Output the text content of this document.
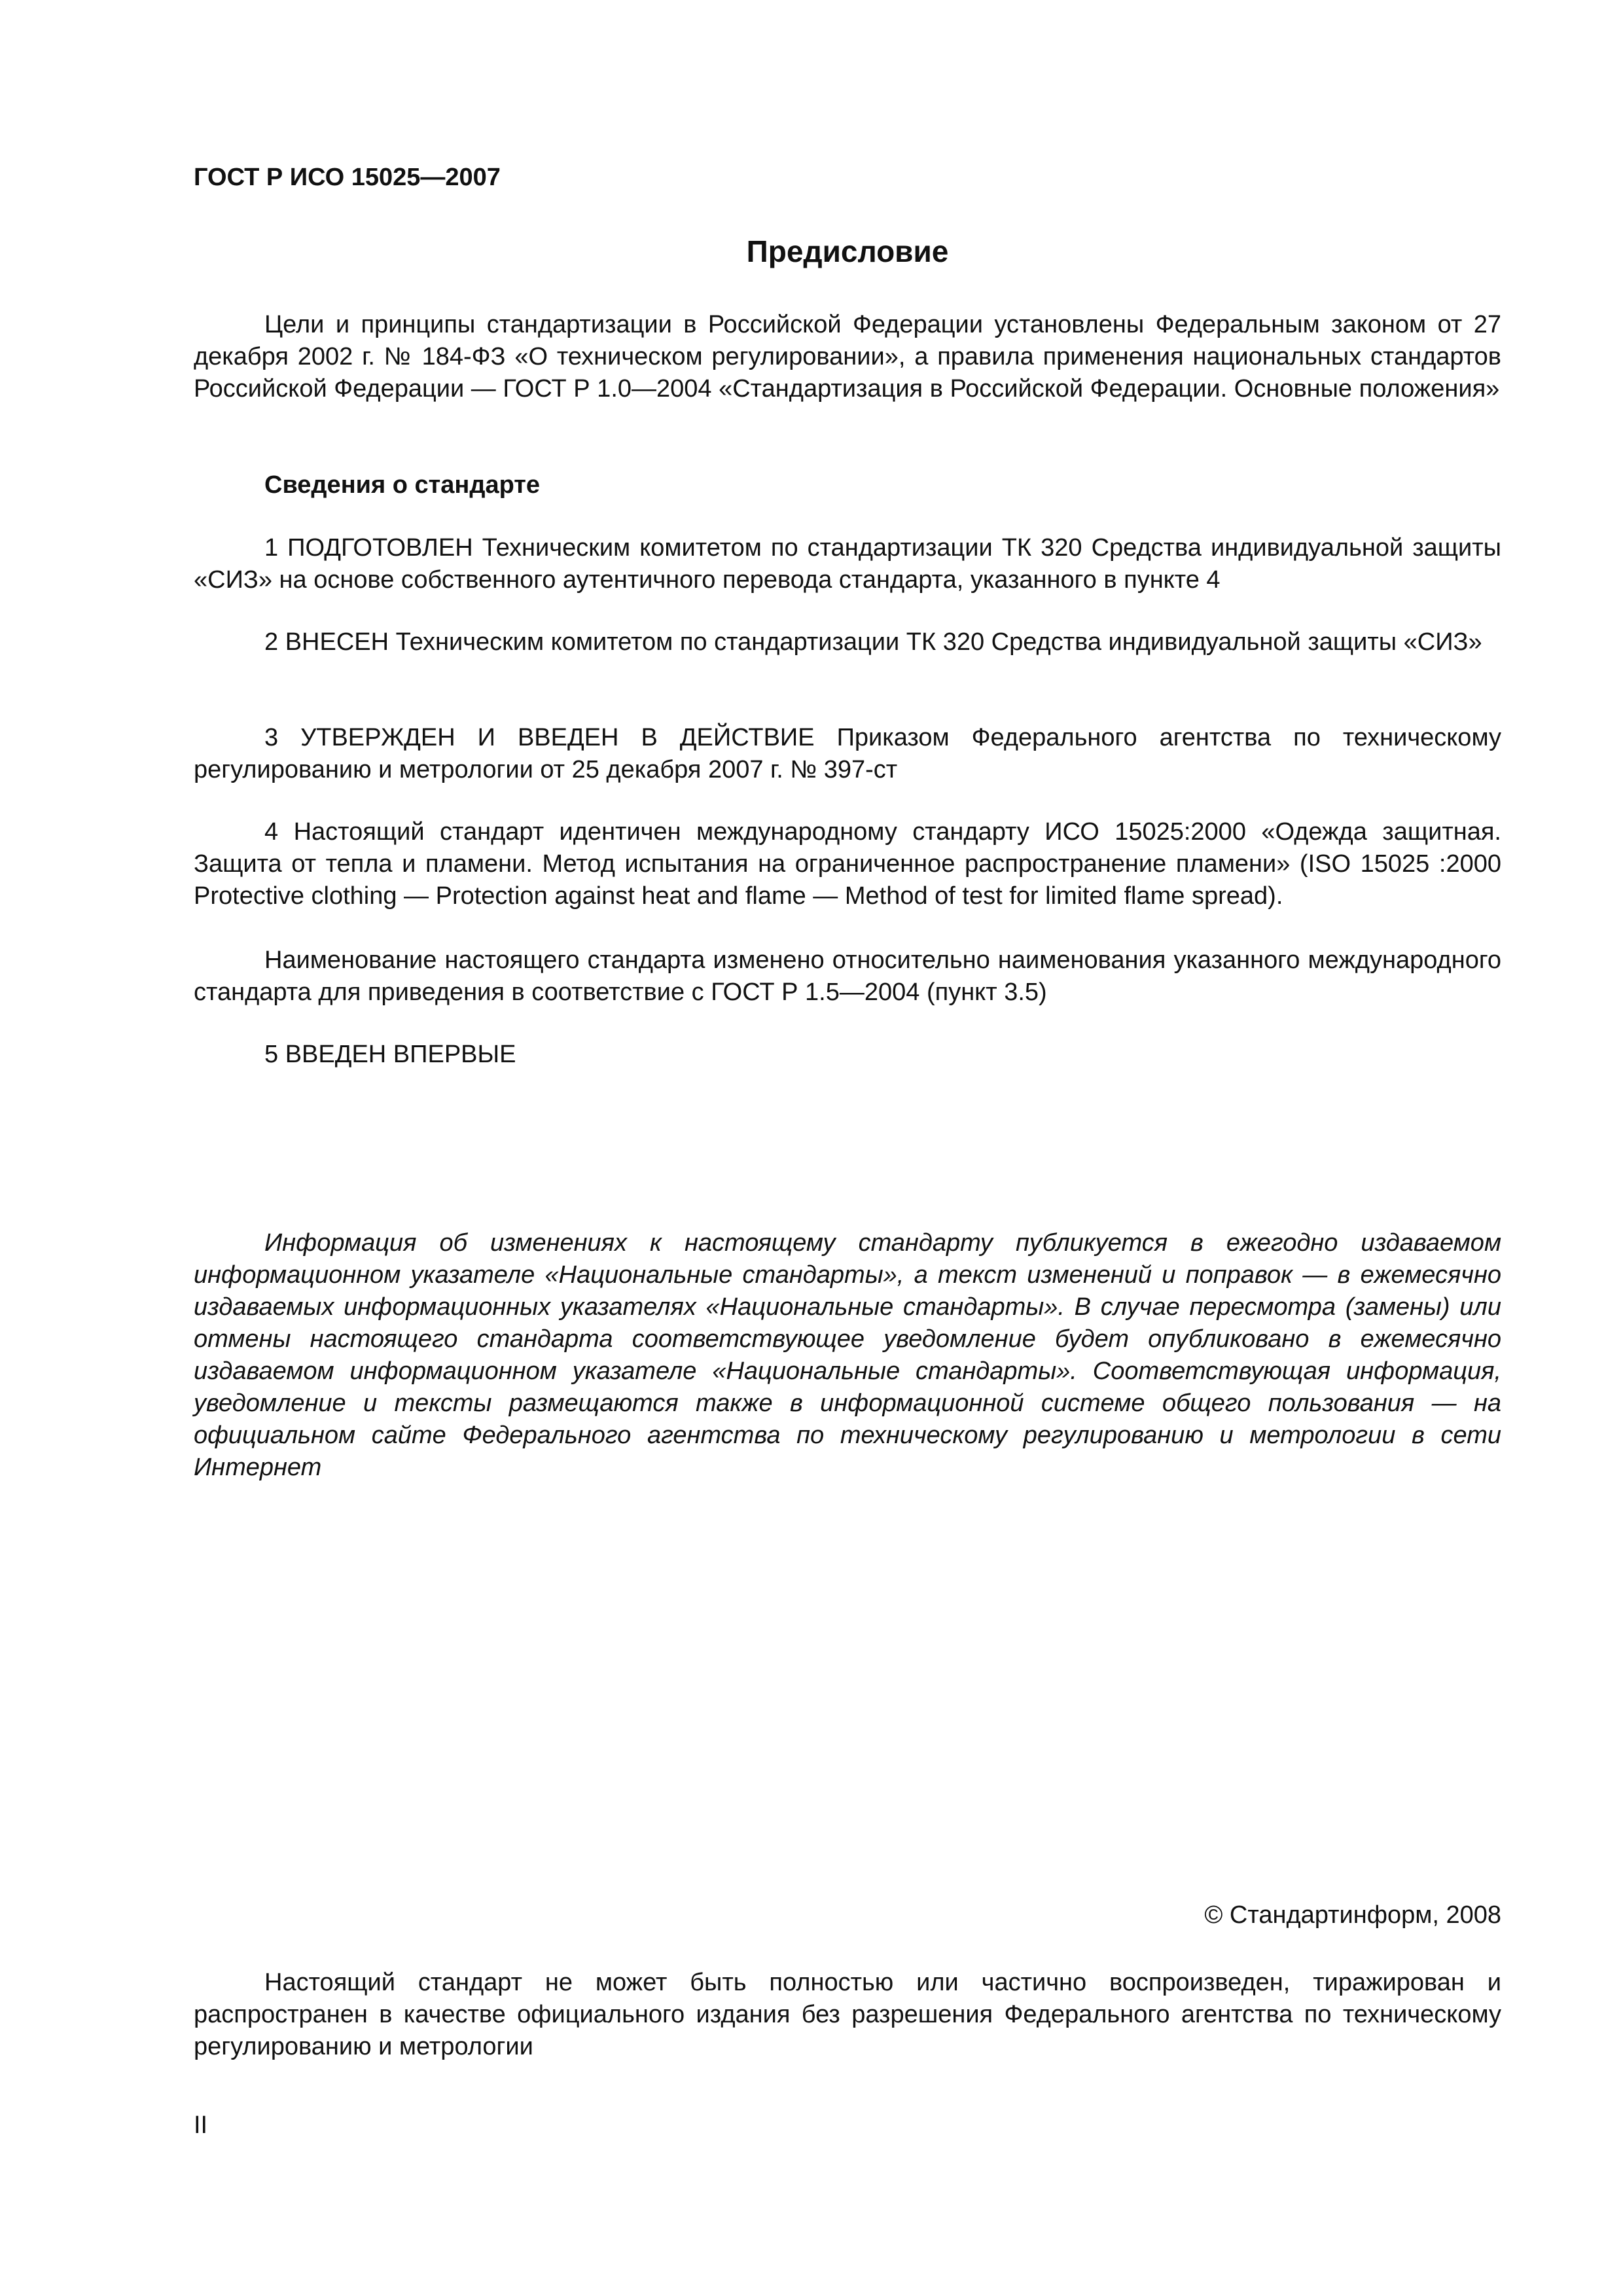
ГОСТ Р ИСО 15025—2007
Предисловие

Цели и принципы стандартизации в Российской Федерации установлены Федеральным законом от 27 декабря 2002 г. № 184-ФЗ «О техническом регулировании», а правила применения национальных стандартов Российской Федерации — ГОСТ Р 1.0—2004 «Стандартизация в Российской Федерации. Основные положения»

Сведения о стандарте

1 ПОДГОТОВЛЕН Техническим комитетом по стандартизации ТК 320 Средства индивидуальной защиты «СИЗ» на основе собственного аутентичного перевода стандарта, указанного в пункте 4

2 ВНЕСЕН Техническим комитетом по стандартизации ТК 320 Средства индивидуальной защиты «СИЗ»

3 УТВЕРЖДЕН И ВВЕДЕН В ДЕЙСТВИЕ Приказом Федерального агентства по техническому регулированию и метрологии от 25 декабря 2007 г. № 397-ст

4 Настоящий стандарт идентичен международному стандарту ИСО 15025:2000 «Одежда защитная. Защита от тепла и пламени. Метод испытания на ограниченное распространение пламени» (ISO 15025 :2000 Protective clothing — Protection against heat and flame — Method of test for limited flame spread).

Наименование настоящего стандарта изменено относительно наименования указанного международного стандарта для приведения в соответствие с ГОСТ Р 1.5—2004 (пункт 3.5)

5 ВВЕДЕН ВПЕРВЫЕ

Информация об изменениях к настоящему стандарту публикуется в ежегодно издаваемом информационном указателе «Национальные стандарты», а текст изменений и поправок — в ежемесячно издаваемых информационных указателях «Национальные стандарты». В случае пересмотра (замены) или отмены настоящего стандарта соответствующее уведомление будет опубликовано в ежемесячно издаваемом информационном указателе «Национальные стандарты». Соответствующая информация, уведомление и тексты размещаются также в информационной системе общего пользования — на официальном сайте Федерального агентства по техническому регулированию и метрологии в сети Интернет

© Стандартинформ, 2008

Настоящий стандарт не может быть полностью или частично воспроизведен, тиражирован и распространен в качестве официального издания без разрешения Федерального агентства по техническому регулированию и метрологии

II
